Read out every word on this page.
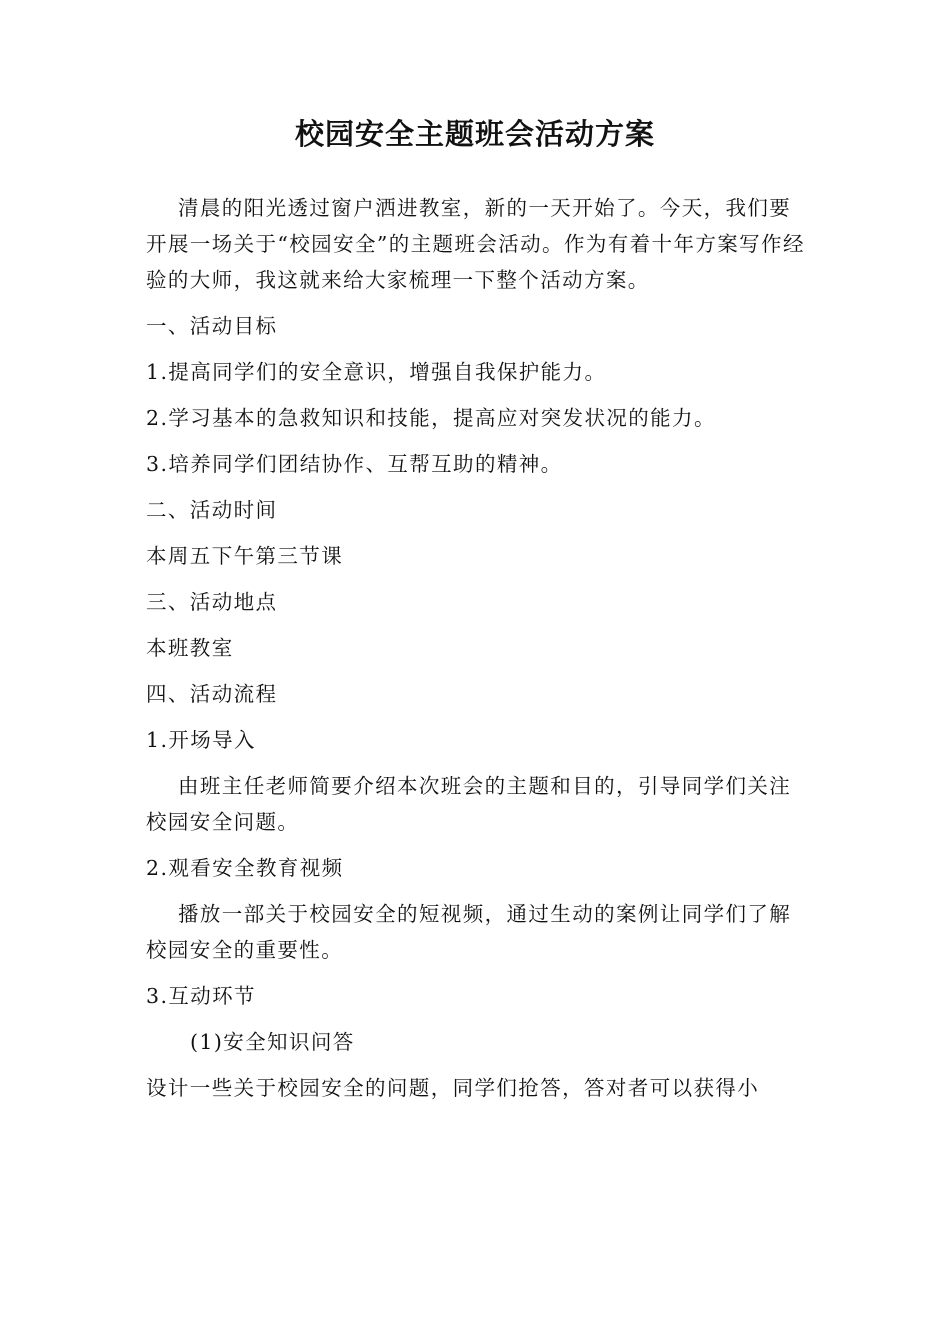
校园安全主题班会活动方案

清晨的阳光透过窗户洒进教室，新的一天开始了。今天，我们要开展一场关于“校园安全”的主题班会活动。作为有着十年方案写作经验的大师，我这就来给大家梳理一下整个活动方案。

一、活动目标

1.提高同学们的安全意识，增强自我保护能力。

2.学习基本的急救知识和技能，提高应对突发状况的能力。

3.培养同学们团结协作、互帮互助的精神。

二、活动时间

本周五下午第三节课

三、活动地点

本班教室

四、活动流程

1.开场导入

由班主任老师简要介绍本次班会的主题和目的，引导同学们关注校园安全问题。

2.观看安全教育视频

播放一部关于校园安全的短视频，通过生动的案例让同学们了解校园安全的重要性。

3.互动环节

(1)安全知识问答

设计一些关于校园安全的问题，同学们抢答，答对者可以获得小
